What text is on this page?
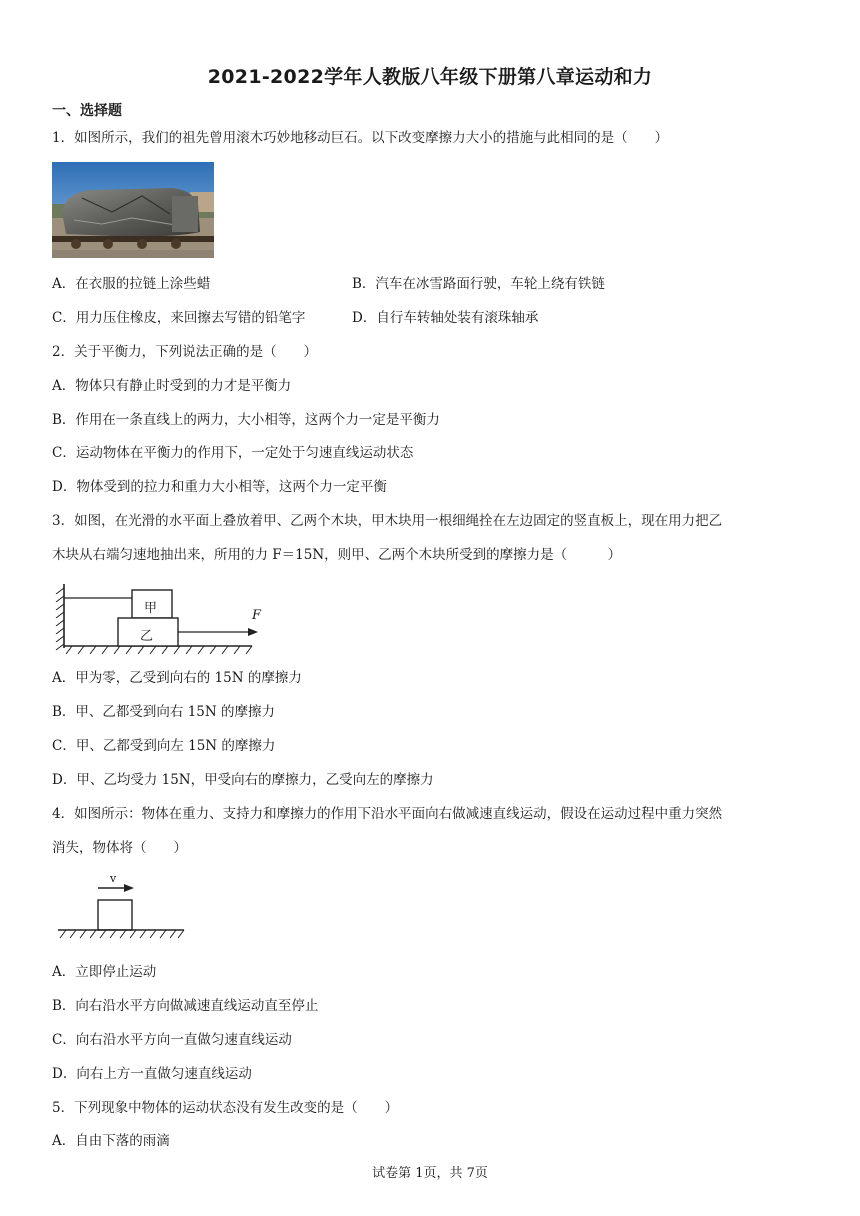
2021-2022学年人教版八年级下册第八章运动和力
一、选择题
1．如图所示，我们的祖先曾用滚木巧妙地移动巨石。以下改变摩擦力大小的措施与此相同的是（　　）
A．在衣服的拉链上涂些蜡	B．汽车在冰雪路面行驶，车轮上绕有铁链
C．用力压住橡皮，来回擦去写错的铅笔字	D．自行车转轴处装有滚珠轴承
2．关于平衡力，下列说法正确的是（　　）
A．物体只有静止时受到的力才是平衡力
B．作用在一条直线上的两力，大小相等，这两个力一定是平衡力
C．运动物体在平衡力的作用下，一定处于匀速直线运动状态
D．物体受到的拉力和重力大小相等，这两个力一定平衡
3．如图，在光滑的水平面上叠放着甲、乙两个木块，甲木块用一根细绳拴在左边固定的竖直板上，现在用力把乙
木块从右端匀速地抽出来，所用的力 F＝15N，则甲、乙两个木块所受到的摩擦力是（　　　）
甲
乙
F
A．甲为零，乙受到向右的 15N 的摩擦力
B．甲、乙都受到向右 15N 的摩擦力
C．甲、乙都受到向左 15N 的摩擦力
D．甲、乙均受力 15N，甲受向右的摩擦力，乙受向左的摩擦力
4．如图所示：物体在重力、支持力和摩擦力的作用下沿水平面向右做减速直线运动，假设在运动过程中重力突然
消失，物体将（　　）
v
A．立即停止运动
B．向右沿水平方向做减速直线运动直至停止
C．向右沿水平方向一直做匀速直线运动
D．向右上方一直做匀速直线运动
5．下列现象中物体的运动状态没有发生改变的是（　　）
A．自由下落的雨滴
试卷第 1页，共 7页
